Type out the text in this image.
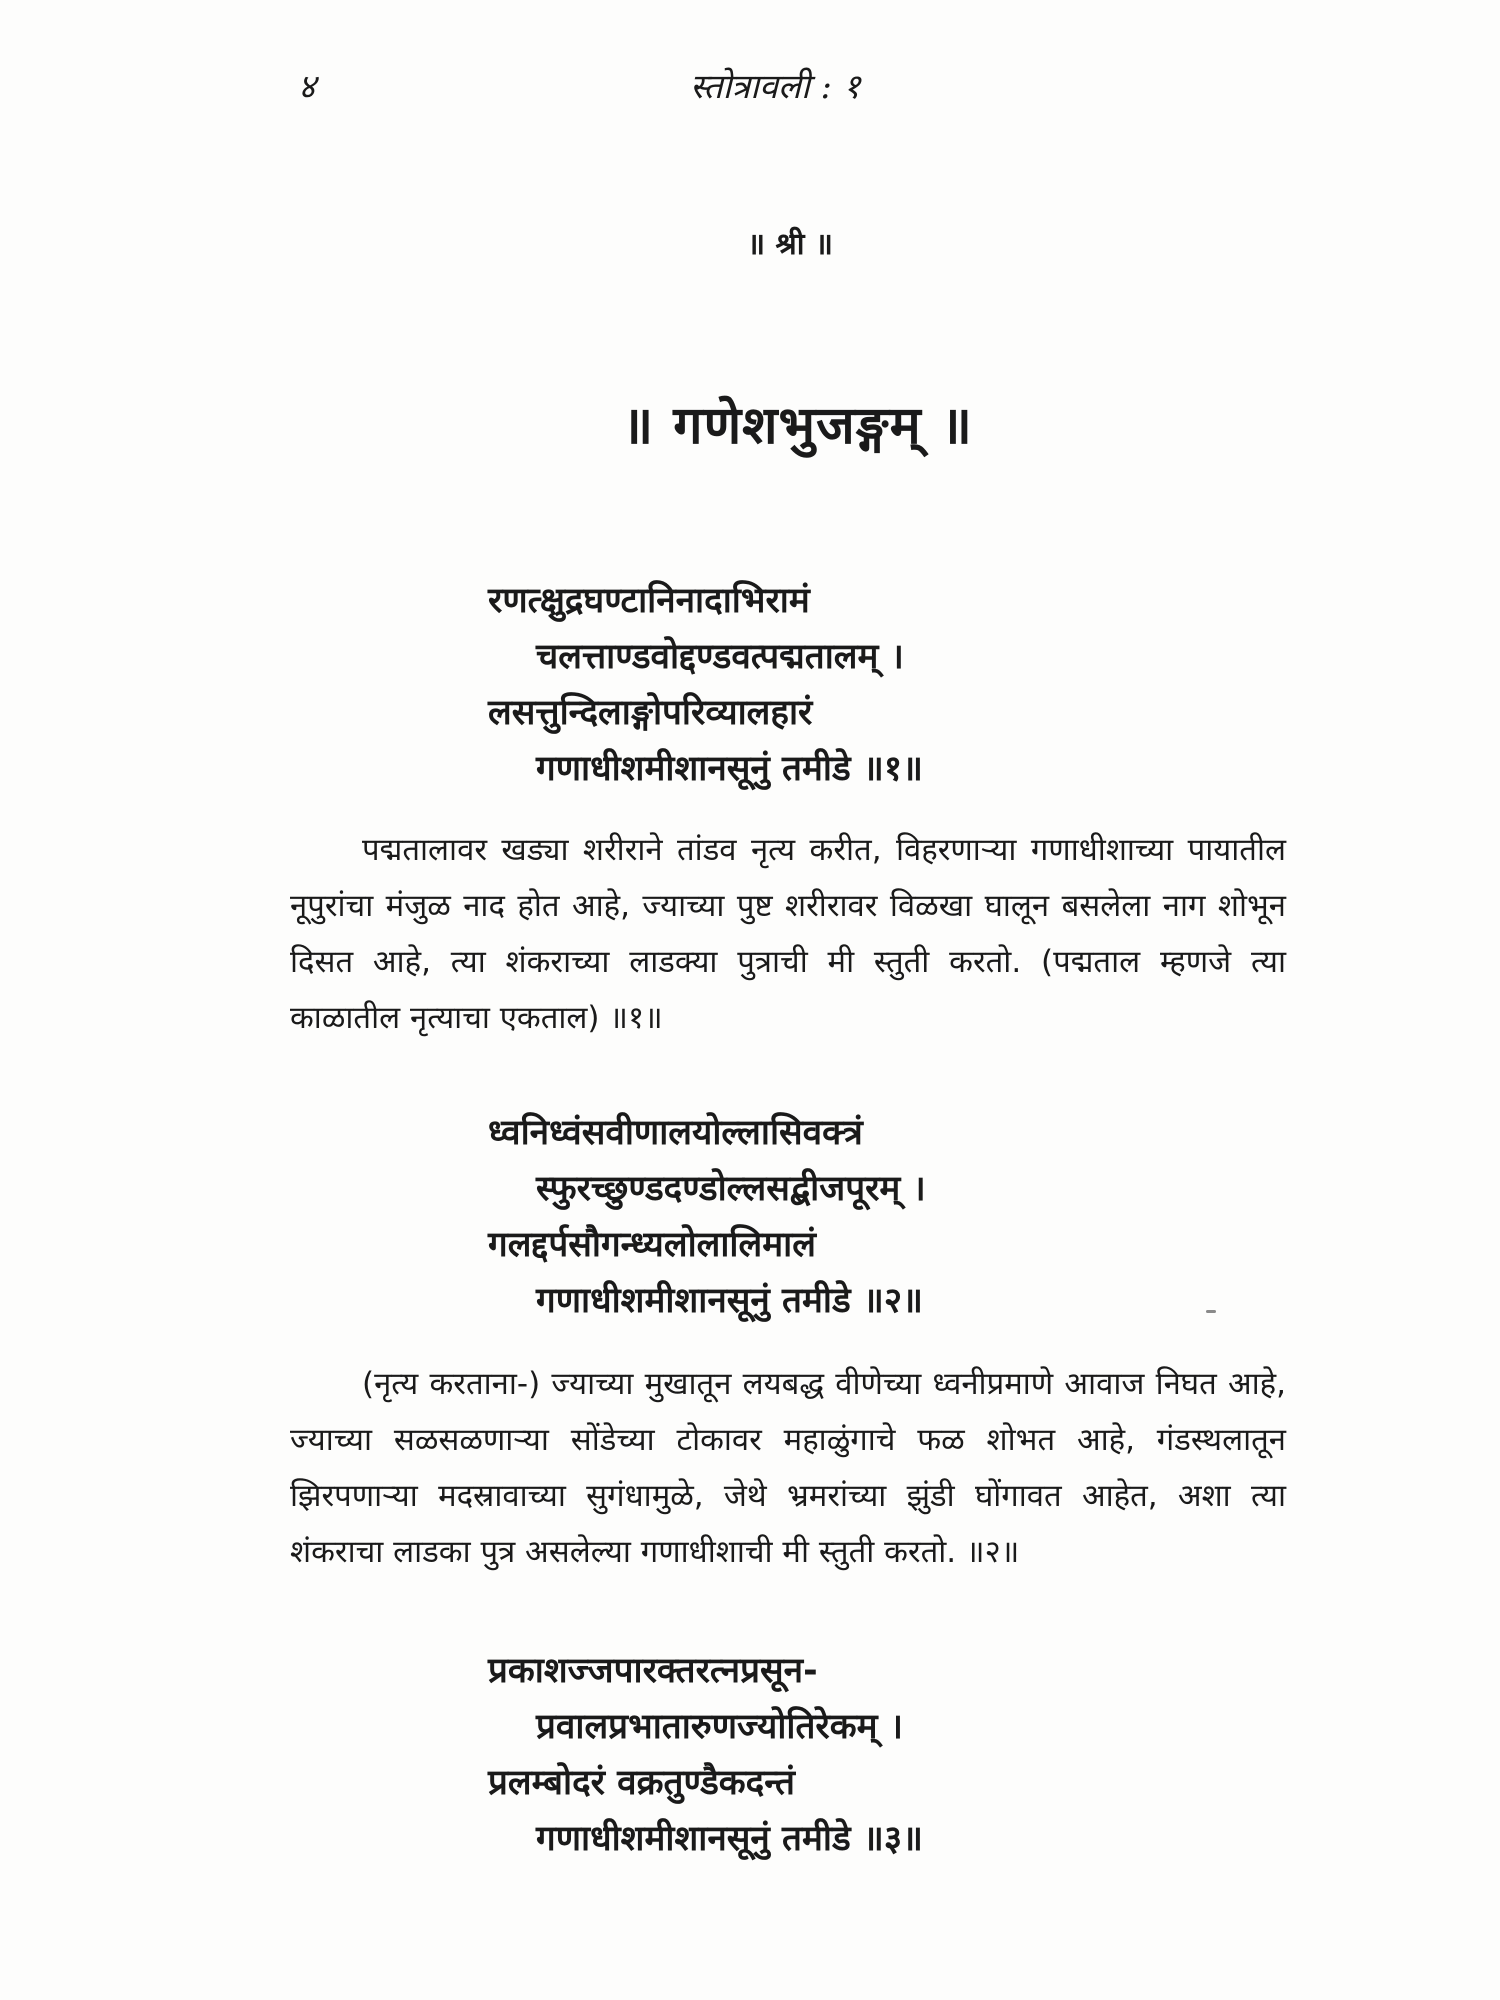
४	स्तोत्रावली : १
॥ श्री ॥
॥ गणेशभुजङ्गम् ॥
रणत्क्षुद्रघण्टानिनादाभिरामं
चलत्ताण्डवोद्दण्डवत्पद्मतालम् ।
लसत्तुन्दिलाङ्गोपरिव्यालहारं
गणाधीशमीशानसूनुं तमीडे ॥१॥

पद्मतालावर खड्या शरीराने तांडव नृत्य करीत, विहरणाऱ्या गणाधीशाच्या पायातील नूपुरांचा मंजुळ नाद होत आहे, ज्याच्या पुष्ट शरीरावर विळखा घालून बसलेला नाग शोभून दिसत आहे, त्या शंकराच्या लाडक्या पुत्राची मी स्तुती करतो. (पद्मताल म्हणजे त्या काळातील नृत्याचा एकताल) ॥१॥

ध्वनिध्वंसवीणालयोल्लासिवक्त्रं
स्फुरच्छुण्डदण्डोल्लसद्बीजपूरम् ।
गलद्दर्पसौगन्ध्यलोलालिमालं
गणाधीशमीशानसूनुं तमीडे ॥२॥

(नृत्य करताना-) ज्याच्या मुखातून लयबद्ध वीणेच्या ध्वनीप्रमाणे आवाज निघत आहे, ज्याच्या सळसळणाऱ्या सोंडेच्या टोकावर महाळुंगाचे फळ शोभत आहे, गंडस्थलातून झिरपणाऱ्या मदस्रावाच्या सुगंधामुळे, जेथे भ्रमरांच्या झुंडी घोंगावत आहेत, अशा त्या शंकराचा लाडका पुत्र असलेल्या गणाधीशाची मी स्तुती करतो. ॥२॥

प्रकाशज्जपारक्तरत्नप्रसून-
प्रवालप्रभातारुणज्योतिरेकम् ।
प्रलम्बोदरं वक्रतुण्डैकदन्तं
गणाधीशमीशानसूनुं तमीडे ॥३॥
